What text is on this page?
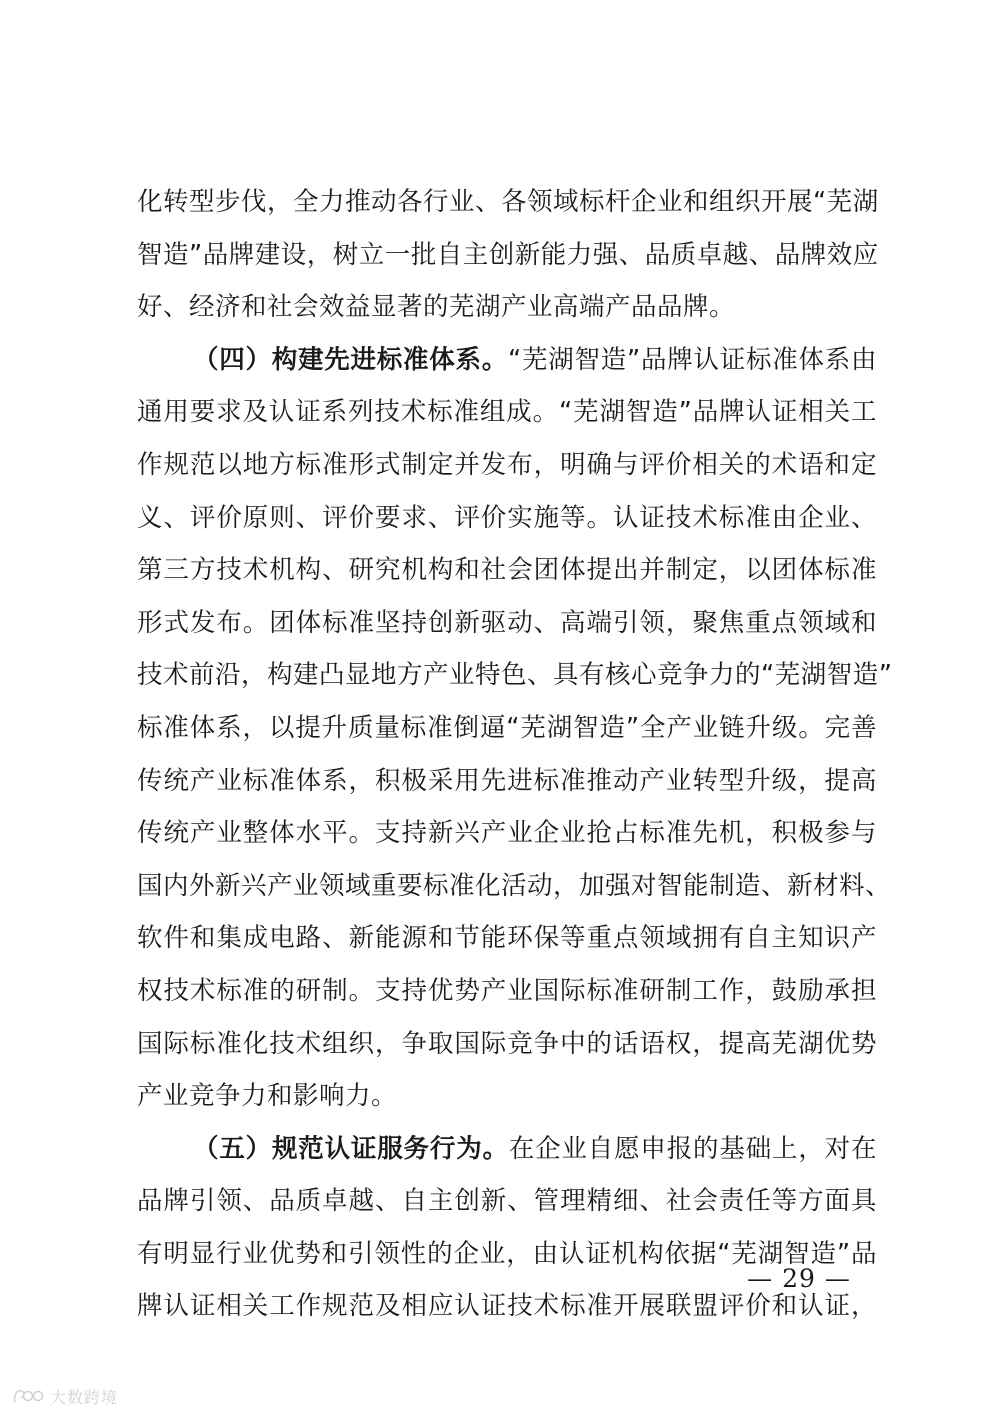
化转型步伐，全力推动各行业、各领域标杆企业和组织开展“芜湖
智造”品牌建设，树立一批自主创新能力强、品质卓越、品牌效应
好、经济和社会效益显著的芜湖产业高端产品品牌。
（四）构建先进标准体系。“芜湖智造”品牌认证标准体系由
通用要求及认证系列技术标准组成。“芜湖智造”品牌认证相关工
作规范以地方标准形式制定并发布，明确与评价相关的术语和定
义、评价原则、评价要求、评价实施等。认证技术标准由企业、
第三方技术机构、研究机构和社会团体提出并制定，以团体标准
形式发布。团体标准坚持创新驱动、高端引领，聚焦重点领域和
技术前沿，构建凸显地方产业特色、具有核心竞争力的“芜湖智造”
标准体系，以提升质量标准倒逼“芜湖智造”全产业链升级。完善
传统产业标准体系，积极采用先进标准推动产业转型升级，提高
传统产业整体水平。支持新兴产业企业抢占标准先机，积极参与
国内外新兴产业领域重要标准化活动，加强对智能制造、新材料、
软件和集成电路、新能源和节能环保等重点领域拥有自主知识产
权技术标准的研制。支持优势产业国际标准研制工作，鼓励承担
国际标准化技术组织，争取国际竞争中的话语权，提高芜湖优势
产业竞争力和影响力。
（五）规范认证服务行为。在企业自愿申报的基础上，对在
品牌引领、品质卓越、自主创新、管理精细、社会责任等方面具
有明显行业优势和引领性的企业，由认证机构依据“芜湖智造”品
牌认证相关工作规范及相应认证技术标准开展联盟评价和认证，
— 29 —
大数跨境
